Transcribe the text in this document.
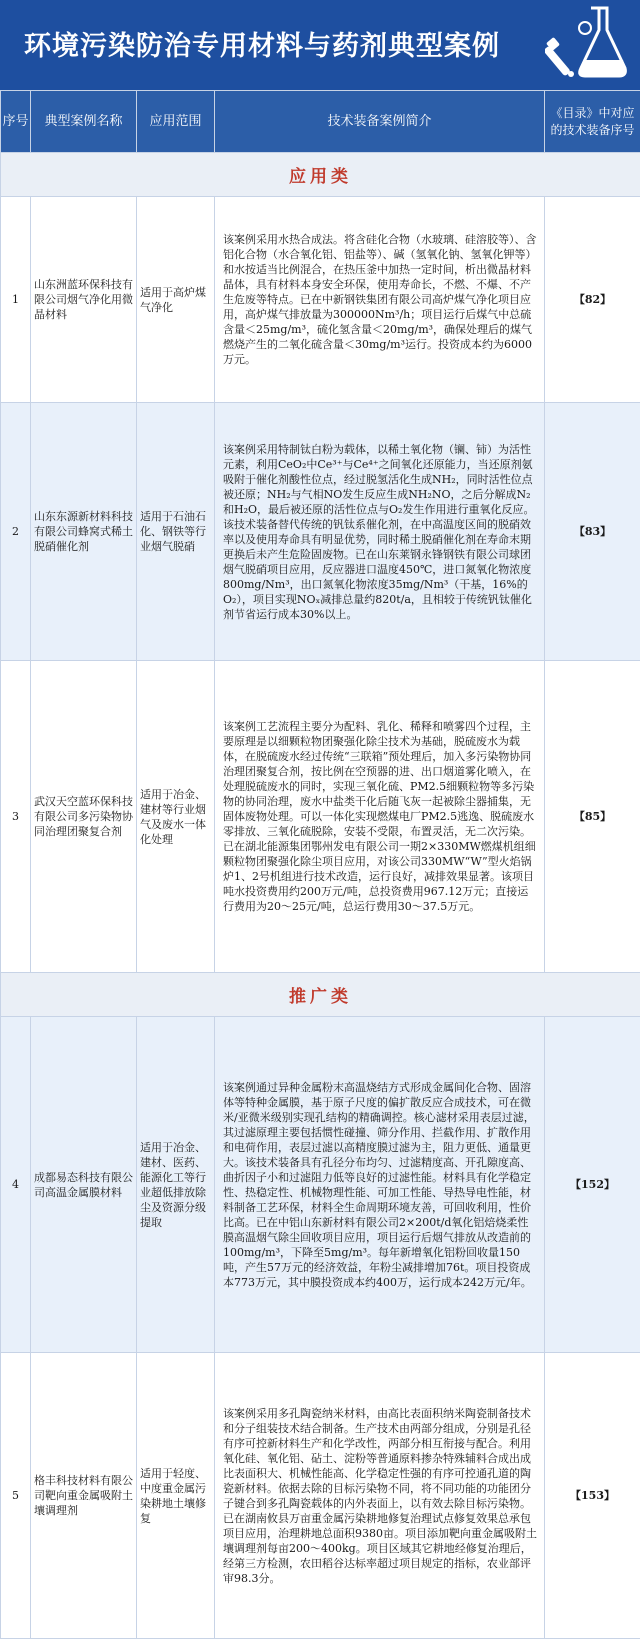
环境污染防治专用材料与药剂典型案例
序号	典型案例名称	应用范围	技术装备案例简介	《目录》中对应的技术装备序号
应用类				
1	山东洲蓝环保科技有限公司烟气净化用微晶材料	适用于高炉煤气净化	该案例采用水热合成法。将含硅化合物（水玻璃、硅溶胶等）、含铝化合物（水合氧化铝、铝盐等）、碱（氢氧化钠、氢氧化钾等）和水按适当比例混合，在热压釜中加热一定时间，析出微晶材料晶体，具有材料本身安全环保，使用寿命长，不燃、不爆、不产生危废等特点。已在中新钢铁集团有限公司高炉煤气净化项目应用，高炉煤气排放量为300000Nm³/h；项目运行后煤气中总硫含量＜25mg/m³，硫化氢含量＜20mg/m³，确保处理后的煤气燃烧产生的二氧化硫含量＜30mg/m³运行。投资成本约为6000万元。	【82】
2	山东东源新材料科技有限公司蜂窝式稀土脱硝催化剂	适用于石油石化、钢铁等行业烟气脱硝	该案例采用特制钛白粉为载体，以稀土氧化物（镧、铈）为活性元素，利用CeO₂中Ce³⁺与Ce⁴⁺之间氧化还原能力，当还原剂氨吸附于催化剂酸性位点，经过脱氢活化生成NH₂，同时活性位点被还原；NH₂与气相NO发生反应生成NH₂NO，之后分解成N₂和H₂O，最后被还原的活性位点与O₂发生作用进行重氧化反应。该技术装备替代传统的钒钛系催化剂，在中高温度区间的脱硝效率以及使用寿命具有明显优势，同时稀土脱硝催化剂在寿命末期更换后未产生危险固废物。已在山东莱钢永锋钢铁有限公司球团烟气脱硝项目应用，反应器进口温度450℃，进口氮氧化物浓度800mg/Nm³，出口氮氧化物浓度35mg/Nm³（干基，16%的O₂），项目实现NOₓ减排总量约820t/a，且相较于传统钒钛催化剂节省运行成本30%以上。	【83】
3	武汉天空蓝环保科技有限公司多污染物协同治理团聚复合剂	适用于冶金、建材等行业烟气及废水一体化处理	该案例工艺流程主要分为配料、乳化、稀释和喷雾四个过程，主要原理是以细颗粒物团聚强化除尘技术为基础，脱硫废水为载体，在脱硫废水经过传统“三联箱”预处理后，加入多污染物协同治理团聚复合剂，按比例在空预器的进、出口烟道雾化喷入，在处理脱硫废水的同时，实现三氧化硫、PM2.5细颗粒物等多污染物的协同治理，废水中盐类干化后随飞灰一起被除尘器捕集，无固体废物处理。可以一体化实现燃煤电厂PM2.5逃逸、脱硫废水零排放、三氧化硫脱除，安装不受限，布置灵活，无二次污染。已在湖北能源集团鄂州发电有限公司一期2×330MW燃煤机组细颗粒物团聚强化除尘项目应用，对该公司330MW“W”型火焰锅炉1、2号机组进行技术改造，运行良好，减排效果显著。该项目吨水投资费用约200万元/吨，总投资费用967.12万元；直接运行费用为20～25元/吨，总运行费用30～37.5万元。	【85】
推广类				
4	成都易态科技有限公司高温金属膜材料	适用于冶金、建材、医药、能源化工等行业超低排放除尘及资源分级提取	该案例通过异种金属粉末高温烧结方式形成金属间化合物、固溶体等特种金属膜，基于原子尺度的偏扩散反应合成技术，可在微米/亚微米级别实现孔结构的精确调控。核心滤材采用表层过滤，其过滤原理主要包括惯性碰撞、筛分作用、拦截作用、扩散作用和电荷作用，表层过滤以高精度膜过滤为主，阻力更低、通量更大。该技术装备具有孔径分布均匀、过滤精度高、开孔隙度高、曲折因子小和过滤阻力低等良好的过滤性能。材料具有化学稳定性、热稳定性、机械物理性能、可加工性能、导热导电性能，材料制备工艺环保，材料全生命周期环境友善，可回收利用，性价比高。已在中铝山东新材料有限公司2×200t/d氧化铝焙烧柔性膜高温烟气除尘回收项目应用，项目运行后烟气排放从改造前的100mg/m³，下降至5mg/m³。每年新增氧化铝粉回收量150吨，产生57万元的经济效益，年粉尘减排增加76t。项目投资成本773万元，其中膜投资成本约400万，运行成本242万元/年。	【152】
5	格丰科技材料有限公司靶向重金属吸附土壤调理剂	适用于轻度、中度重金属污染耕地土壤修复	该案例采用多孔陶瓷纳米材料，由高比表面积纳米陶瓷制备技术和分子组装技术结合制备。生产技术由两部分组成，分别是孔径有序可控新材料生产和化学改性，两部分相互衔接与配合。利用氧化硅、氧化铝、砧土、淀粉等普通原料掺杂特殊辅料合成出成比表面积大、机械性能高、化学稳定性强的有序可控通孔道的陶瓷新材料。依据去除的目标污染物不同，将不同功能的功能团分子键合到多孔陶瓷载体的内外表面上，以有效去除目标污染物。已在湖南攸县万亩重金属污染耕地修复治理试点修复效果总承包项目应用，治理耕地总面积9380亩。项目添加靶向重金属吸附土壤调理剂每亩200～400kg。项目区域其它耕地经修复治理后，经第三方检测，农田稻谷达标率超过项目规定的指标，农业部评审98.3分。	【153】
